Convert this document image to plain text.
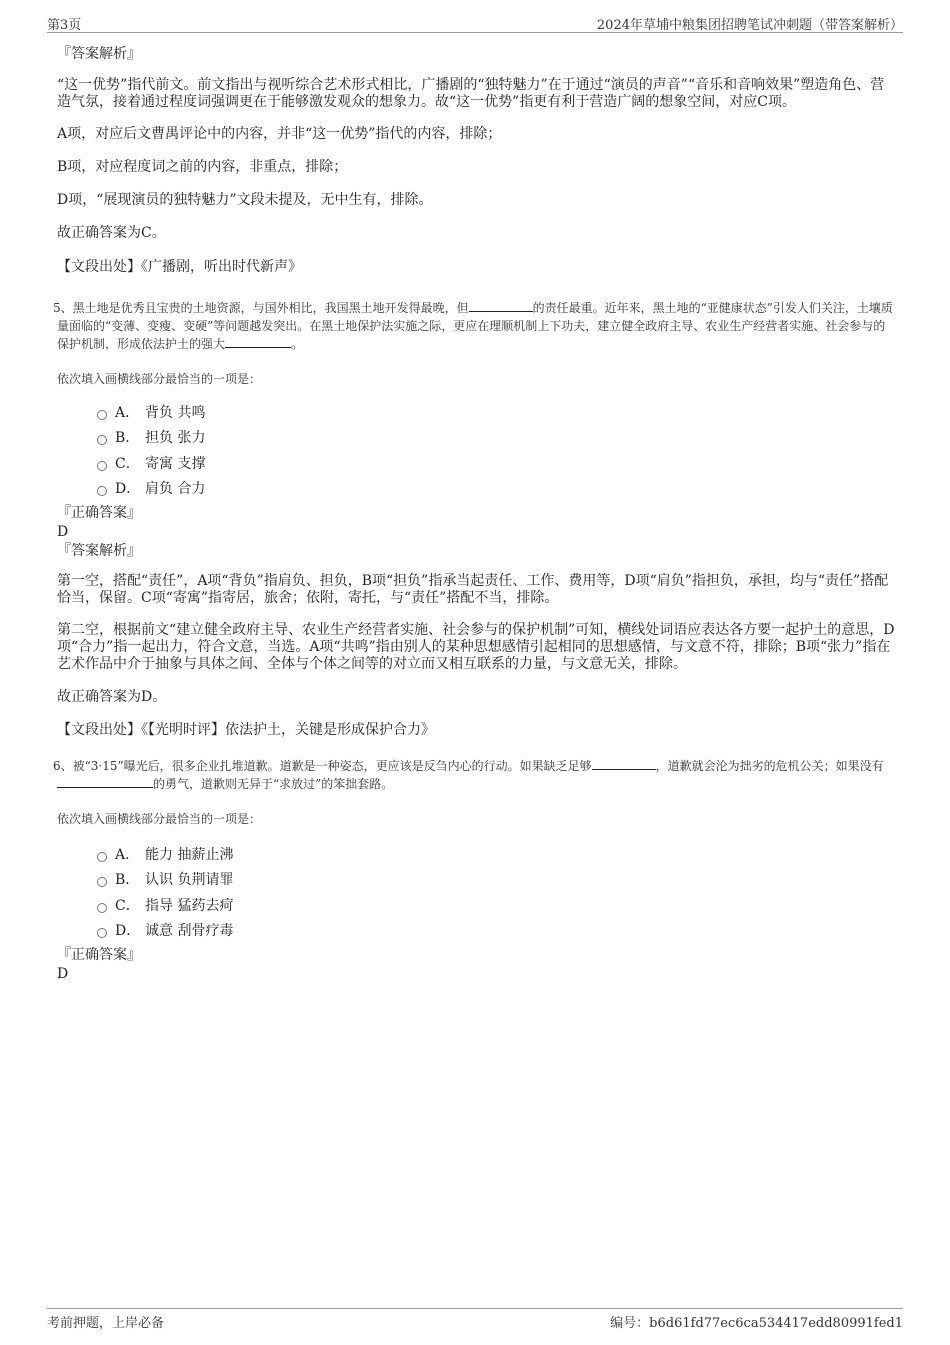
第3页	2024年草埔中粮集团招聘笔试冲刺题（带答案解析）

『答案解析』

“这一优势”指代前文。前文指出与视听综合艺术形式相比，广播剧的“独特魅力”在于通过“演员的声音”“音乐和音响效果”塑造角色、营造气氛，接着通过程度词强调更在于能够激发观众的想象力。故“这一优势”指更有利于营造广阔的想象空间，对应C项。

A项，对应后文曹禺评论中的内容，并非“这一优势”指代的内容，排除；

B项，对应程度词之前的内容，非重点，排除；

D项，“展现演员的独特魅力”文段未提及，无中生有，排除。

故正确答案为C。

【文段出处】《广播剧，听出时代新声》

5、黑土地是优秀且宝贵的土地资源，与国外相比，我国黑土地开发得最晚，但	的责任最重。近年来，黑土地的“亚健康状态”引发人们关注，土壤质量面临的“变薄、变瘦、变硬”等问题越发突出。在黑土地保护法实施之际，更应在理顺机制上下功夫，建立健全政府主导、农业生产经营者实施、社会参与的保护机制，形成依法护土的强大	。

依次填入画横线部分最恰当的一项是：

A． 背负 共鸣
B． 担负 张力
C． 寄寓 支撑
D． 肩负 合力

『正确答案』

D

『答案解析』

第一空，搭配“责任”，A项“背负”指肩负、担负，B项“担负”指承当起责任、工作、费用等，D项“肩负”指担负，承担，均与“责任”搭配恰当，保留。C项“寄寓”指寄居，旅舍；依附，寄托，与“责任”搭配不当，排除。

第二空，根据前文“建立健全政府主导、农业生产经营者实施、社会参与的保护机制”可知，横线处词语应表达各方要一起护土的意思，D项“合力”指一起出力，符合文意，当选。A项“共鸣”指由别人的某种思想感情引起相同的思想感情，与文意不符，排除；B项“张力”指在艺术作品中介于抽象与具体之间、全体与个体之间等的对立而又相互联系的力量，与文意无关，排除。

故正确答案为D。

【文段出处】《【光明时评】依法护土，关键是形成保护合力》

6、被“3·15”曝光后，很多企业扎堆道歉。道歉是一种姿态，更应该是反刍内心的行动。如果缺乏足够	，道歉就会沦为拙劣的危机公关；如果没有的勇气，道歉则无异于“求放过”的笨拙套路。

依次填入画横线部分最恰当的一项是：

A． 能力 抽薪止沸
B． 认识 负荆请罪
C． 指导 猛药去疴
D． 诚意 刮骨疗毒

『正确答案』

D

考前押题，上岸必备	编号：b6d61fd77ec6ca534417edd80991fed1
